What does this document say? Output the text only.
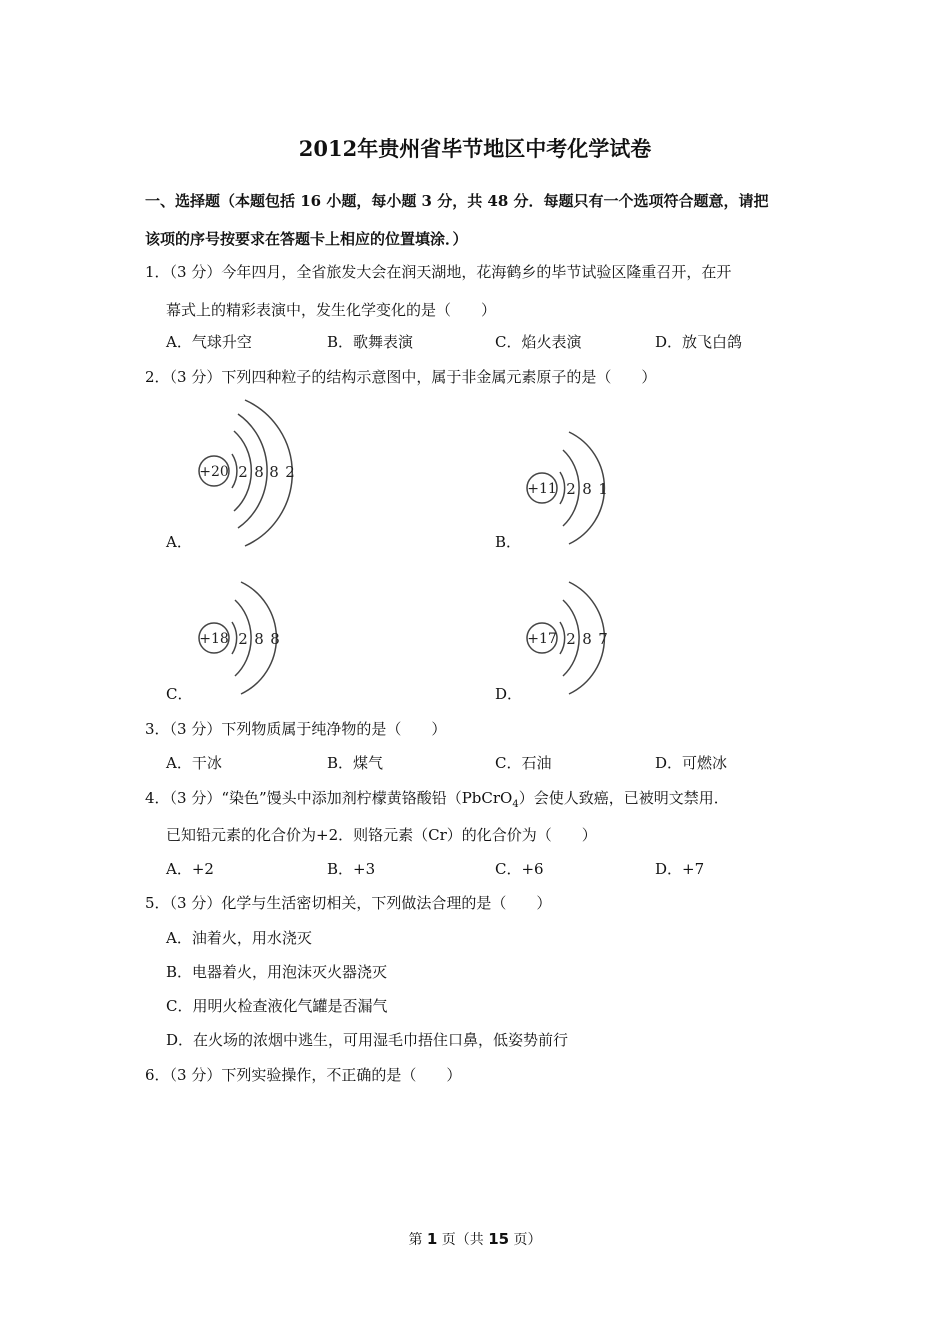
2012年贵州省毕节地区中考化学试卷
一、选择题（本题包括 16 小题，每小题 3 分，共 48 分．每题只有一个选项符合题意，请把
该项的序号按要求在答题卡上相应的位置填涂．）
1．（3 分）今年四月，全省旅发大会在润天湖地，花海鹤乡的毕节试验区隆重召开，在开
幕式上的精彩表演中，发生化学变化的是（　　）
A．气球升空	B．歌舞表演	C．焰火表演	D．放飞白鸽
2．（3 分）下列四种粒子的结构示意图中，属于非金属元素原子的是（　　）
+20 2 8 8 2
A．
+11 2 8 1
B．
+18 2 8 8
C．
+17 2 8 7
D．
3．（3 分）下列物质属于纯净物的是（　　）
A．干冰	B．煤气	C．石油	D．可燃冰
4．（3 分）“染色”馒头中添加剂柠檬黄铬酸铅（PbCrO$_4$）会使人致癌，已被明文禁用．
已知铅元素的化合价为+2．则铬元素（Cr）的化合价为（　　）
A．+2	B．+3	C．+6	D．+7
5．（3 分）化学与生活密切相关，下列做法合理的是（　　）
A．油着火，用水浇灭
B．电器着火，用泡沫灭火器浇灭
C．用明火检查液化气罐是否漏气
D．在火场的浓烟中逃生，可用湿毛巾捂住口鼻，低姿势前行
6．（3 分）下列实验操作，不正确的是（　　）
第 1 页（共 15 页）
